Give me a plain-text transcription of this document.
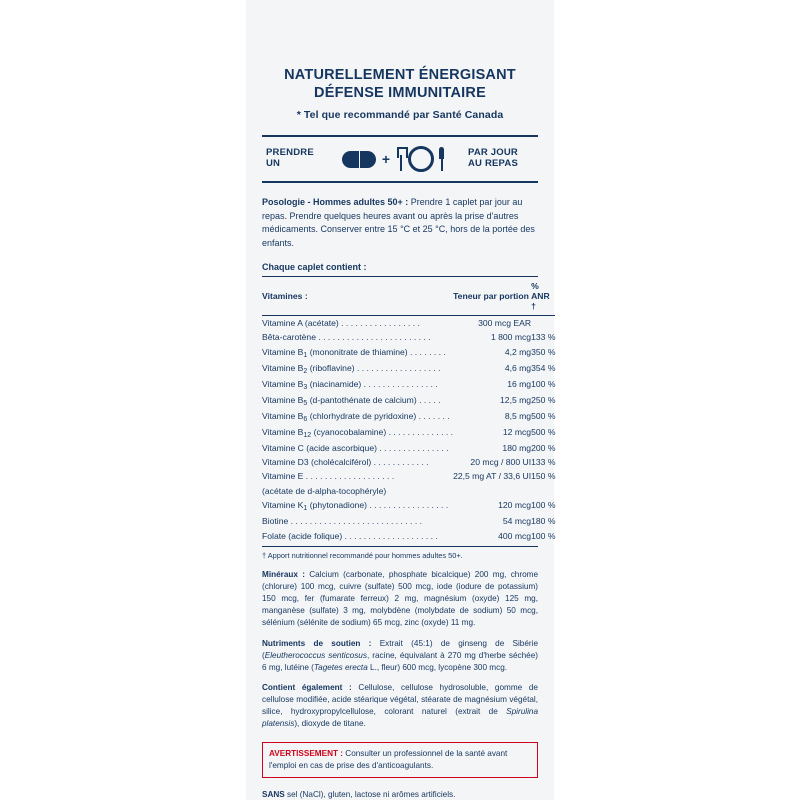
NATURELLEMENT ÉNERGISANT
DÉFENSE IMMUNITAIRE
* Tel que recommandé par Santé Canada
PRENDRE
UN	+	PAR JOUR
AU REPAS
Posologie - Hommes adultes 50+ : Prendre 1 caplet par jour au repas. Prendre quelques heures avant ou après la prise d'autres médicaments. Conserver entre 15 °C et 25 °C, hors de la portée des enfants.
Chaque caplet contient :
Vitamines :	Teneur par portion	% ANR †
Vitamine A (acétate) . . . . . . . . . . . . . . . . .	300 mcg EAR	
Bêta-carotène . . . . . . . . . . . . . . . . . . . . . . . .	1 800 mcg	133 %
Vitamine $B_1$ (mononitrate de thiamine) . . . . . . . .	4,2 mg	350 %
Vitamine $B_2$ (riboflavine) . . . . . . . . . . . . . . . . . .	4,6 mg	354 %
Vitamine $B_3$ (niacinamide) . . . . . . . . . . . . . . . .	16 mg	100 %
Vitamine $B_5$ (d-pantothénate de calcium) . . . . .	12,5 mg	250 %
Vitamine $B_6$ (chlorhydrate de pyridoxine) . . . . . . .	8,5 mg	500 %
Vitamine $B_{12}$ (cyanocobalamine) . . . . . . . . . . . . . .	12 mcg	500 %
Vitamine C (acide ascorbique) . . . . . . . . . . . . . . .	180 mg	200 %
Vitamine D3 (cholécalciférol) . . . . . . . . . . . .	20 mcg / 800 UI	133 %
Vitamine E . . . . . . . . . . . . . . . . . . .	22,5 mg AT / 33,6 UI	150 %
(acétate de d-alpha-tocophéryle)		
Vitamine $K_1$ (phytonadione) . . . . . . . . . . . . . . . . .	120 mcg	100 %
Biotine . . . . . . . . . . . . . . . . . . . . . . . . . . . .	54 mcg	180 %
Folate (acide folique) . . . . . . . . . . . . . . . . . . . .	400 mcg	100 %
† Apport nutritionnel recommandé pour hommes adultes 50+.
Minéraux : Calcium (carbonate, phosphate bicalcique) 200 mg, chrome (chlorure) 100 mcg, cuivre (sulfate) 500 mcg, iode (iodure de potassium) 150 mcg, fer (fumarate ferreux) 2 mg, magnésium (oxyde) 125 mg, manganèse (sulfate) 3 mg, molybdène (molybdate de sodium) 50 mcg, sélénium (sélénite de sodium) 65 mcg, zinc (oxyde) 11 mg.
Nutriments de soutien : Extrait (45:1) de ginseng de Sibérie (Eleutherococcus senticosus, racine, équivalant à 270 mg d'herbe séchée) 6 mg, lutéine (Tagetes erecta L., fleur) 600 mcg, lycopène 300 mcg.
Contient également : Cellulose, cellulose hydrosoluble, gomme de cellulose modifiée, acide stéarique végétal, stéarate de magnésium végétal, silice, hydroxypropylcellulose, colorant naturel (extrait de Spirulina platensis), dioxyde de titane.
AVERTISSEMENT : Consulter un professionnel de la santé avant l'emploi en cas de prise des d'anticoagulants.
SANS sel (NaCl), gluten, lactose ni arômes artificiels.
